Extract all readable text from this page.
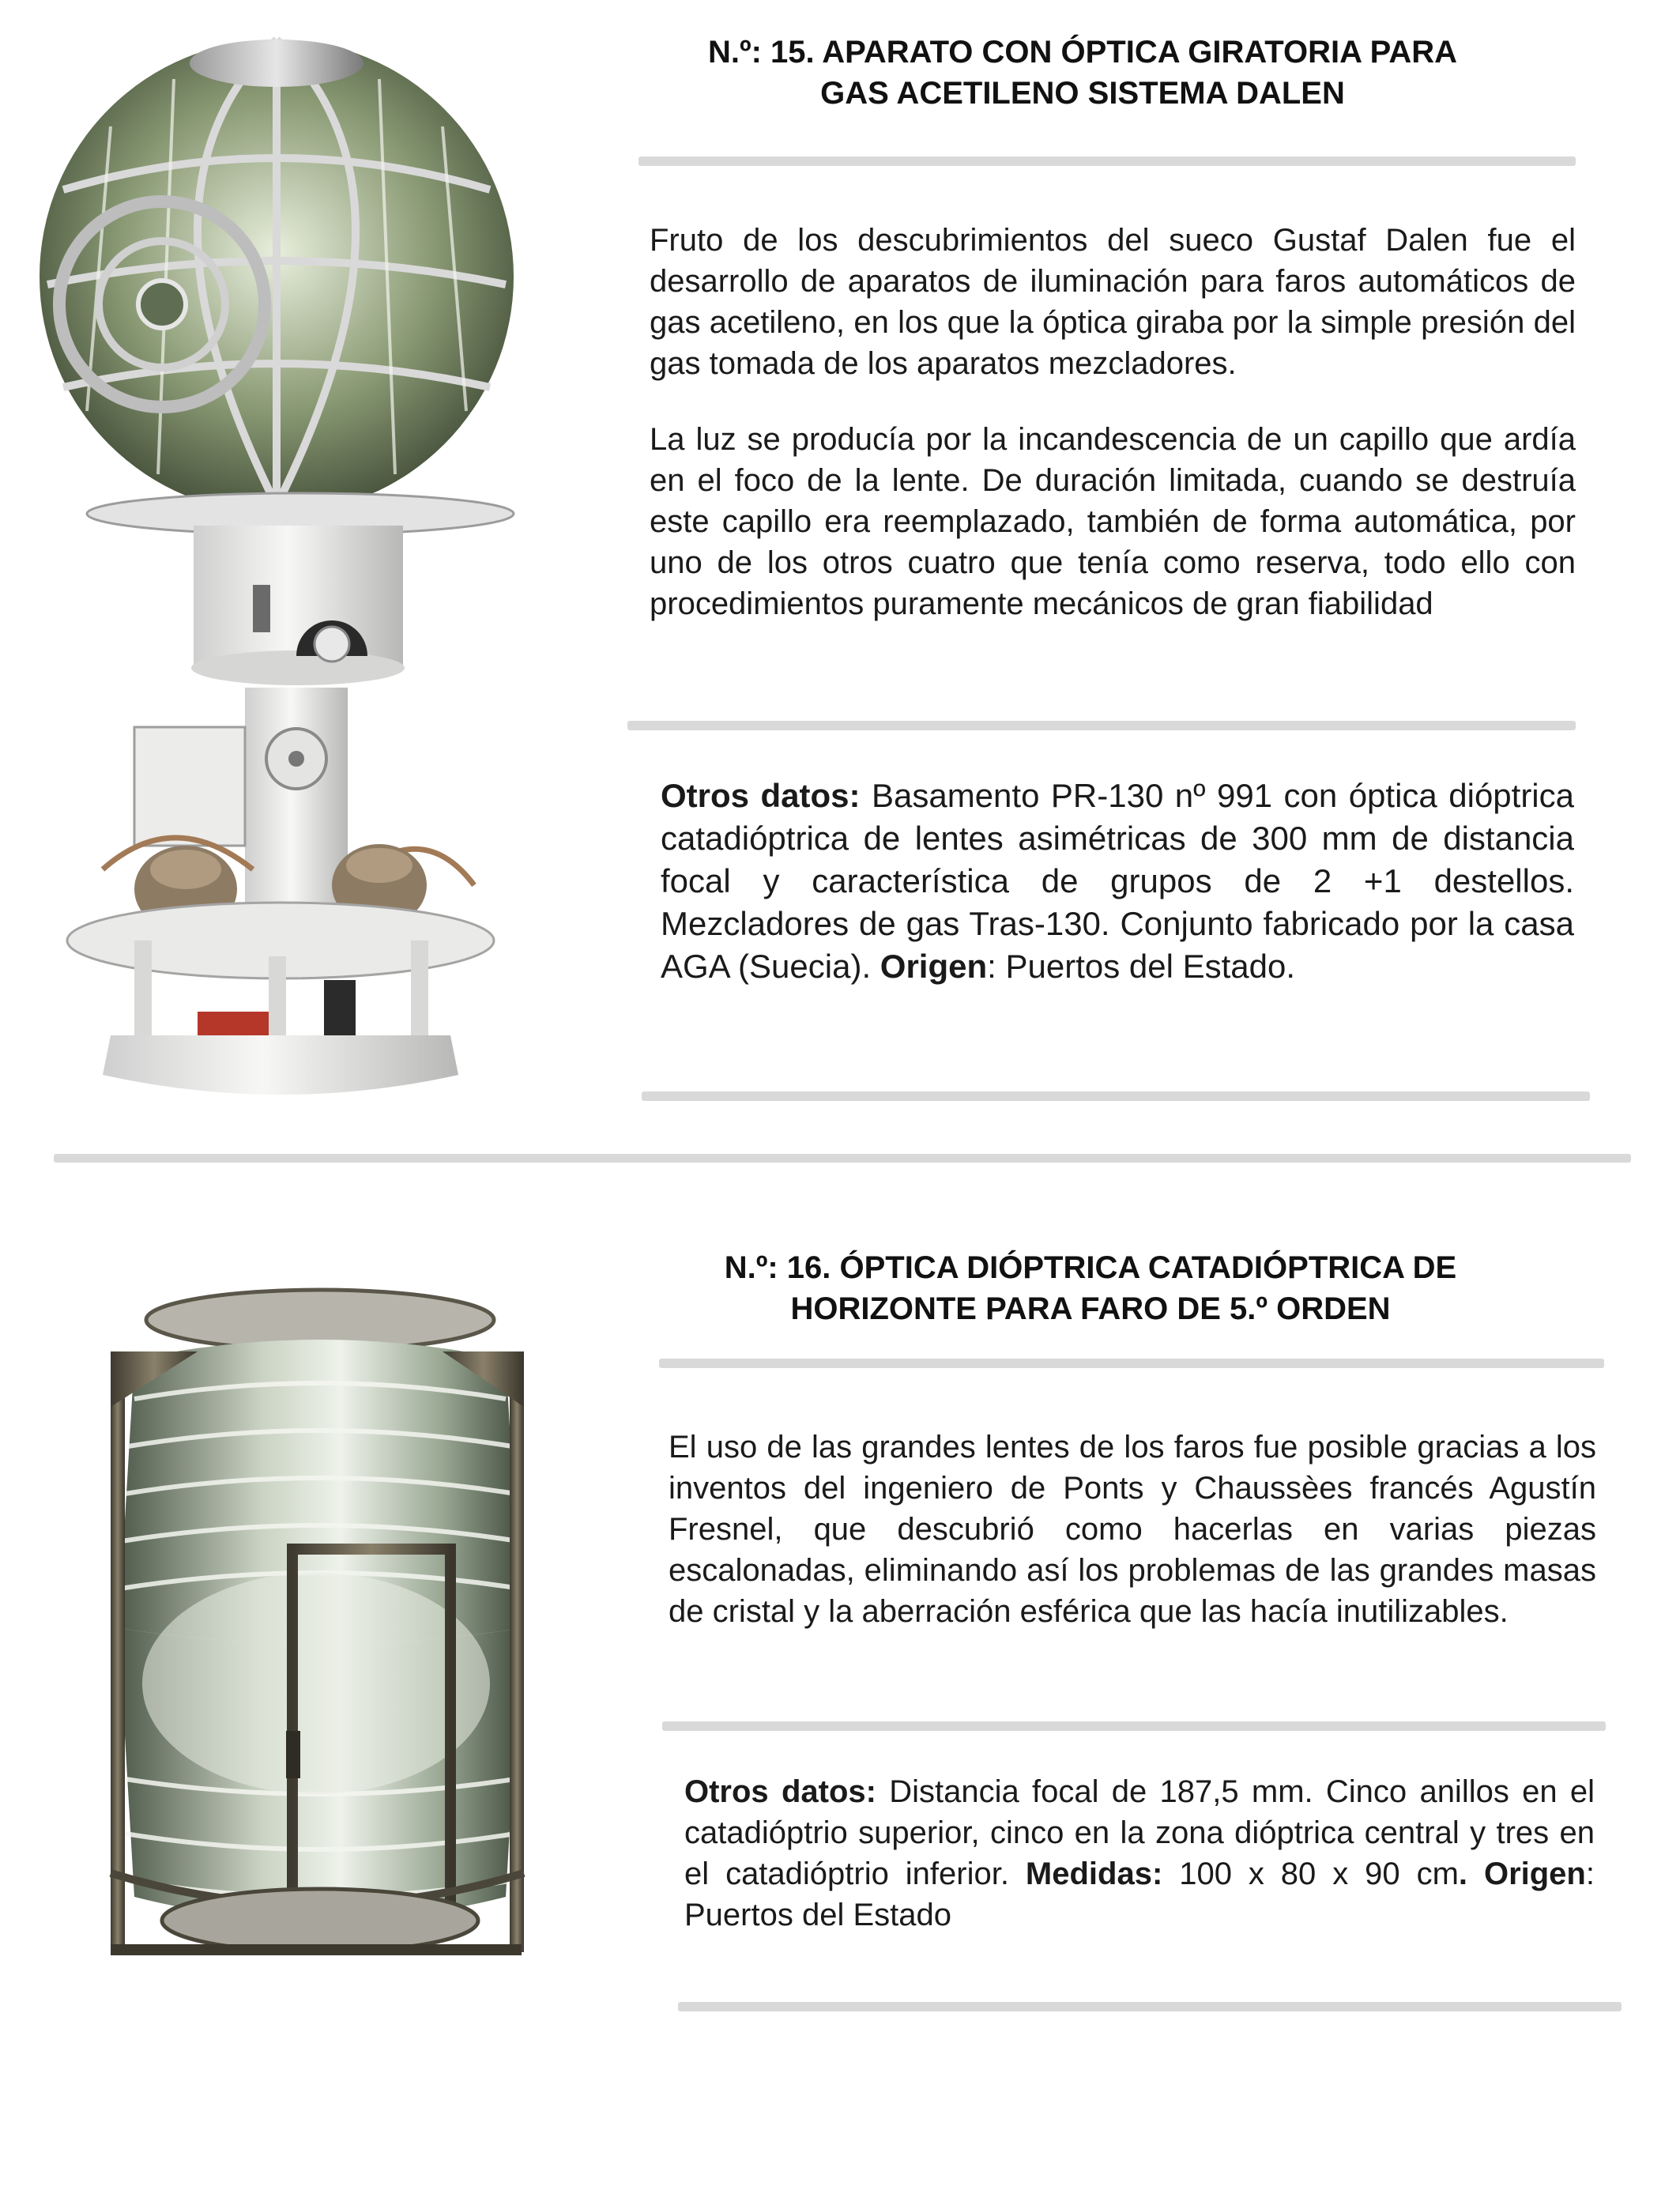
N.º: 15. APARATO CON ÓPTICA GIRATORIA PARA
GAS ACETILENO SISTEMA DALEN
Fruto de los descubrimientos del sueco Gustaf Dalen fue el desarrollo de aparatos de iluminación para faros automáticos de gas acetileno, en los que la óptica giraba por la simple presión del gas tomada de los aparatos mezcladores.
La luz se producía por la incandescencia de un capillo que ardía en el foco de la lente. De duración limitada, cuando se destruía este capillo era reemplazado, también de forma automática, por uno de los otros cuatro que tenía como reserva, todo ello con procedimientos puramente mecánicos de gran fiabilidad
Otros datos: Basamento PR-130 nº 991 con óptica dióptrica catadióptrica de lentes asimétricas de 300 mm de distancia focal y característica de grupos de 2 +1 destellos. Mezcladores de gas Tras-130. Conjunto fabricado por la casa AGA (Suecia). Origen: Puertos del Estado.
N.º: 16. ÓPTICA DIÓPTRICA CATADIÓPTRICA DE
HORIZONTE PARA FARO DE 5.º ORDEN
El uso de las grandes lentes de los faros fue posible gracias a los inventos del ingeniero de Ponts y Chaussèes francés Agustín Fresnel, que descubrió como hacerlas en varias piezas escalonadas, eliminando así los problemas de las grandes masas de cristal y la aberración esférica que las hacía inutilizables.
Otros datos: Distancia focal de 187,5 mm. Cinco anillos en el catadióptrio superior, cinco en la zona dióptrica central y tres en el catadióptrio inferior. Medidas: 100 x 80 x 90 cm. Origen: Puertos del Estado
